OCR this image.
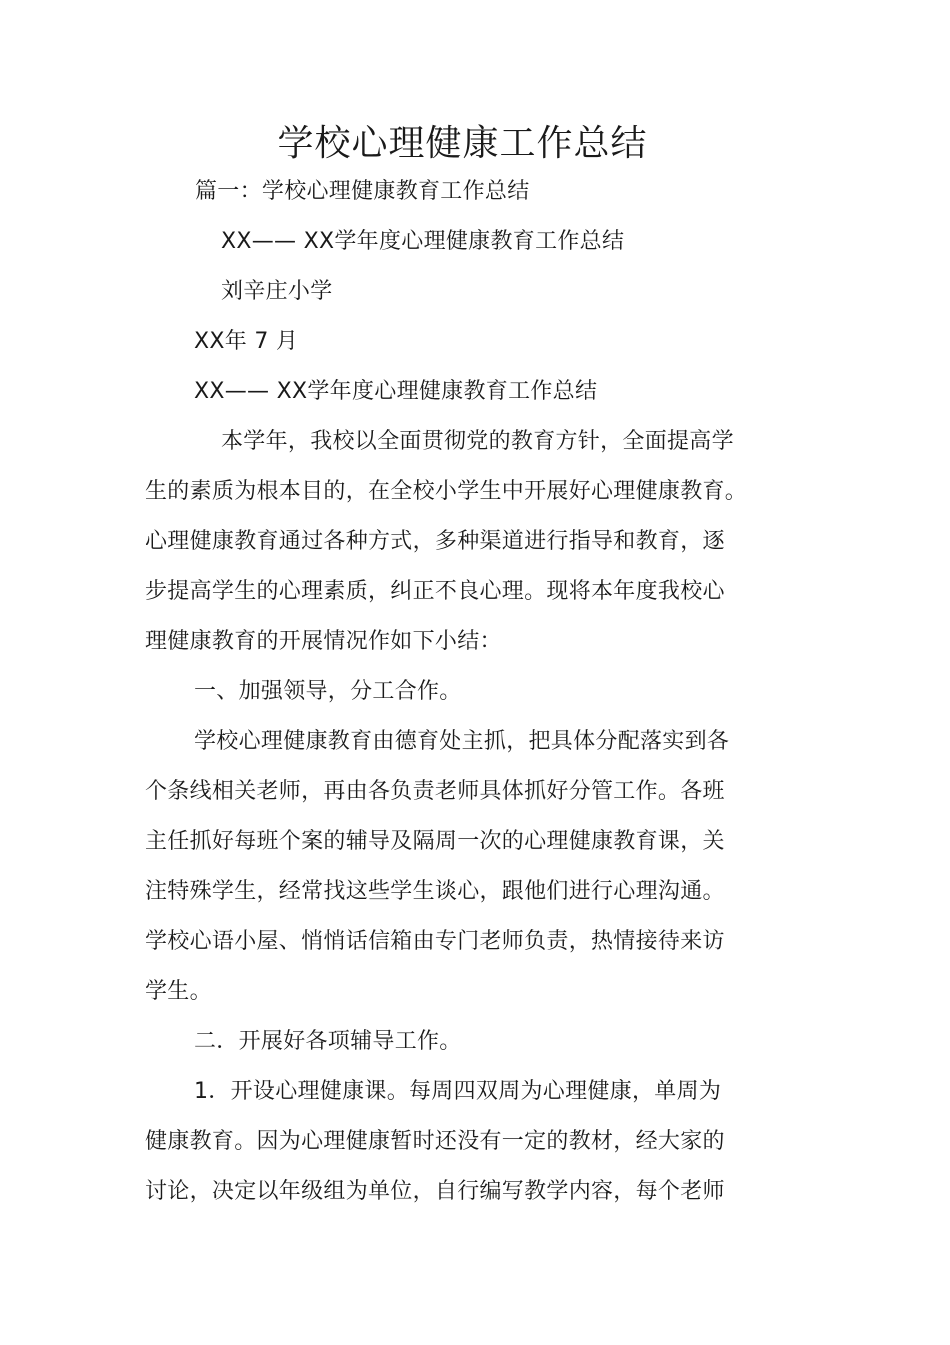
学校心理健康工作总结
篇一：学校心理健康教育工作总结
XX—— XX学年度心理健康教育工作总结
刘辛庄小学
XX年 7 月
XX—— XX学年度心理健康教育工作总结
本学年，我校以全面贯彻党的教育方针，全面提高学
生的素质为根本目的，在全校小学生中开展好心理健康教育。
心理健康教育通过各种方式，多种渠道进行指导和教育，逐
步提高学生的心理素质，纠正不良心理。现将本年度我校心
理健康教育的开展情况作如下小结：
一、加强领导，分工合作。
学校心理健康教育由德育处主抓，把具体分配落实到各
个条线相关老师，再由各负责老师具体抓好分管工作。各班
主任抓好每班个案的辅导及隔周一次的心理健康教育课，关
注特殊学生，经常找这些学生谈心，跟他们进行心理沟通。
学校心语小屋、悄悄话信箱由专门老师负责，热情接待来访
学生。
二．开展好各项辅导工作。
1．开设心理健康课。每周四双周为心理健康，单周为
健康教育。因为心理健康暂时还没有一定的教材，经大家的
讨论，决定以年级组为单位，自行编写教学内容，每个老师
